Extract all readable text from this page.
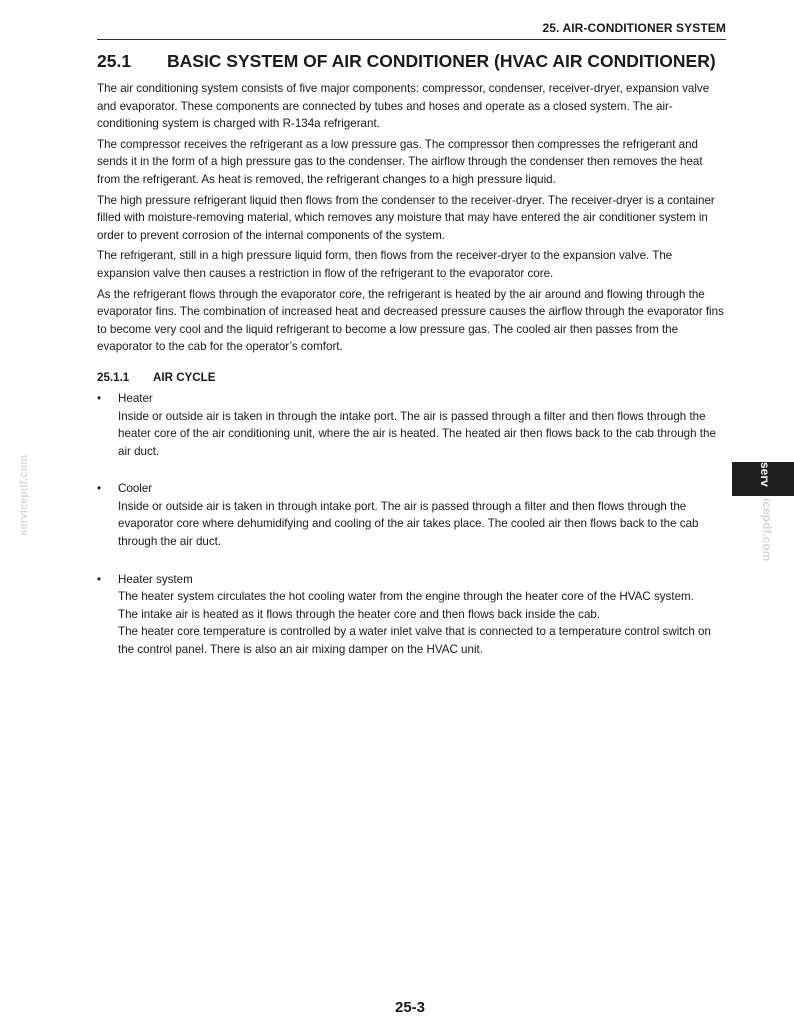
25. AIR-CONDITIONER SYSTEM
25.1 BASIC SYSTEM OF AIR CONDITIONER (HVAC AIR CONDITIONER)

The air conditioning system consists of five major components: compressor, condenser, receiver-dryer, expansion valve and evaporator. These components are connected by tubes and hoses and operate as a closed system. The air-conditioning system is charged with R-134a refrigerant.

The compressor receives the refrigerant as a low pressure gas. The compressor then compresses the refrigerant and sends it in the form of a high pressure gas to the condenser. The airflow through the condenser then removes the heat from the refrigerant. As heat is removed, the refrigerant changes to a high pressure liquid.

The high pressure refrigerant liquid then flows from the condenser to the receiver-dryer. The receiver-dryer is a container filled with moisture-removing material, which removes any moisture that may have entered the air conditioner system in order to prevent corrosion of the internal components of the system.

The refrigerant, still in a high pressure liquid form, then flows from the receiver-dryer to the expansion valve. The expansion valve then causes a restriction in flow of the refrigerant to the evaporator core.

As the refrigerant flows through the evaporator core, the refrigerant is heated by the air around and flowing through the evaporator fins. The combination of increased heat and decreased pressure causes the airflow through the evaporator fins to become very cool and the liquid refrigerant to become a low pressure gas. The cooled air then passes from the evaporator to the cab for the operator’s comfort.

25.1.1 AIR CYCLE
• Heater

Inside or outside air is taken in through the intake port. The air is passed through a filter and then flows through the heater core of the air conditioning unit, where the air is heated. The heated air then flows back to the cab through the air duct.

• Cooler

Inside or outside air is taken in through intake port. The air is passed through a filter and then flows through the evaporator core where dehumidifying and cooling of the air takes place. The cooled air then flows back to the cab through the air duct.

• Heater system

The heater system circulates the hot cooling water from the engine through the heater core of the HVAC system.

The intake air is heated as it flows through the heater core and then flows back inside the cab.

The heater core temperature is controlled by a water inlet valve that is connected to a temperature control switch on the control panel. There is also an air mixing damper on the HVAC unit.

serv
icepdf.com
servicepdf.com
25-3
